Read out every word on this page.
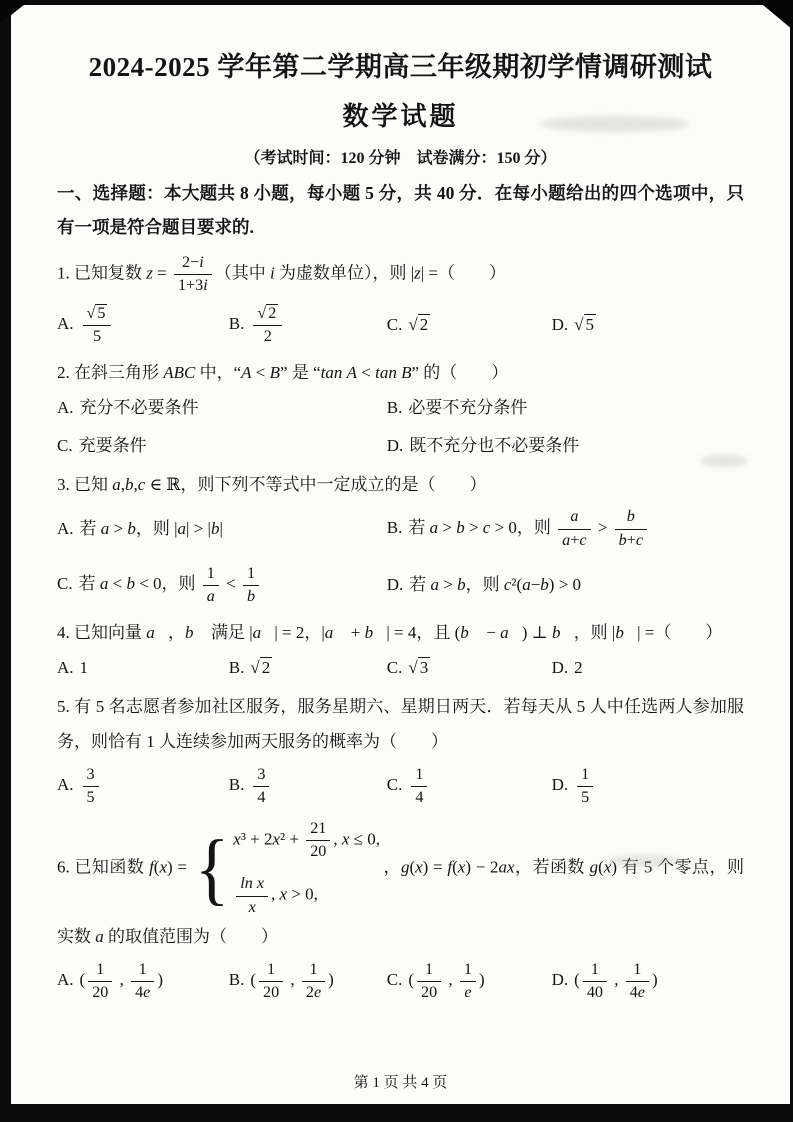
2024-2025 学年第二学期高三年级期初学情调研测试
数学试题
（考试时间：120 分钟　试卷满分：150 分）
一、选择题：本大题共 8 小题，每小题 5 分，共 40 分．在每小题给出的四个选项中，只有一项是符合题目要求的.
1. 已知复数 $z = \frac{2-i}{1+3i}$ （其中 i 为虚数单位），则 |z| =（　　）
A. $\frac{√ 5}{5}$	B. $\frac{√ 2}{2}$	C. √ 2	D. √ 5
2. 在斜三角形 ABC 中，“A < B” 是 “tan A < tan B” 的（　　）
A. 充分不必要条件	B. 必要不充分条件
C. 充要条件	D. 既不充分也不必要条件
3. 已知 a,b,c ∈ ℝ，则下列不等式中一定成立的是（　　）
A. 若 a > b，则 |a| > |b|	B. 若 a > b > c > 0，则 $\frac{a}{a+c} > \frac{b}{b+c}$
C. 若 a < b < 0，则 $\frac{1}{a} < \frac{1}{b}$	D. 若 a > b，则 c²(a−b) > 0
4. 已知向量 a⃗，b⃗ 满足 |a⃗| = 2，|a⃗ + b⃗| = 4，且 (b⃗ − a⃗) ⊥ b⃗，则 |b⃗| =（　　）
A. 1	B. √ 2	C. √ 3	D. 2
5. 有 5 名志愿者参加社区服务，服务星期六、星期日两天．若每天从 5 人中任选两人参加服务，则恰有 1 人连续参加两天服务的概率为（　　）
A. $\frac{3}{5}$	B. $\frac{3}{4}$	C. $\frac{1}{4}$	D. $\frac{1}{5}$
6. 已知函数 f(x) = { $x^3 + 2x^2 + \frac{21}{20}$ , x ≤ 0,
$\frac{\text{ln x}}{x}$ , x > 0,
，g(x) = f(x) − 2ax，若函数 g(x) 有 5 个零点，则实数 a 的取值范围为（　　）
A. ( $\frac{1}{20}$ , $\frac{1}{4e}$ )	B. ( $\frac{1}{20}$ , $\frac{1}{2e}$ )	C. ( $\frac{1}{20}$ , $\frac{1}{e}$ )	D. ( $\frac{1}{40}$ , $\frac{1}{4e}$ )
第 1 页 共 4 页
